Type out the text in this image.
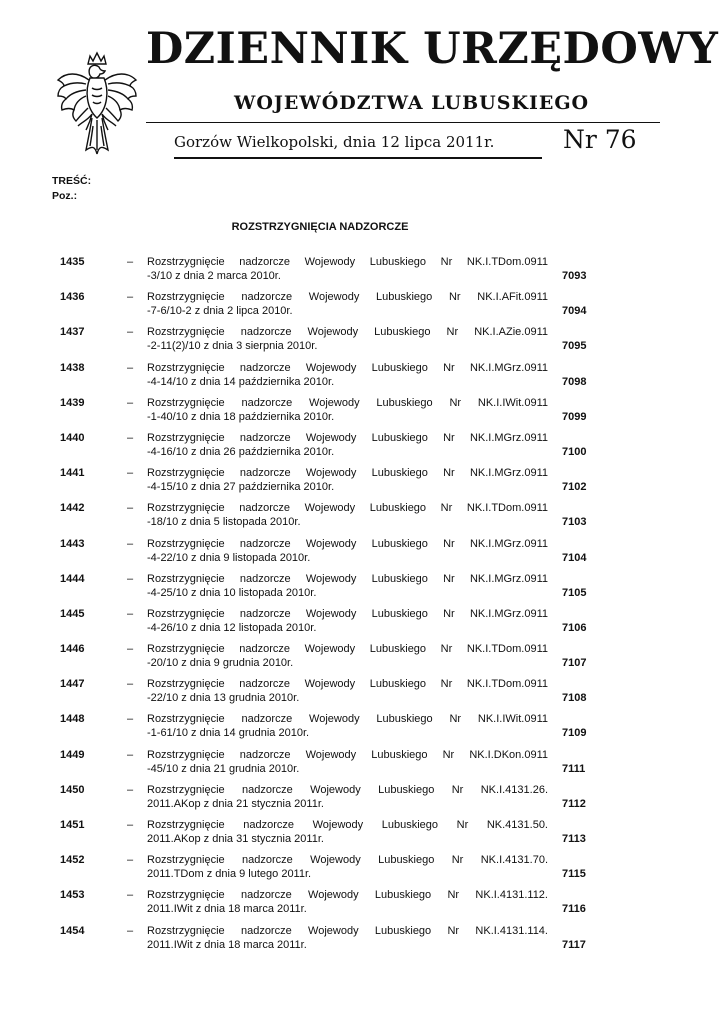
DZIENNIK URZĘDOWY
WOJEWÓDZTWA LUBUSKIEGO
Gorzów Wielkopolski, dnia 12 lipca 2011r.	Nr 76
TREŚĆ:
Poz.:
ROZSTRZYGNIĘCIA NADZORCZE
1435	– Rozstrzygnięcie nadzorcze Wojewody Lubuskiego Nr NK.I.TDom.0911
-3/10 z dnia 2 marca 2010r.	7093
1436	– Rozstrzygnięcie nadzorcze Wojewody Lubuskiego Nr NK.I.AFit.0911
-7-6/10-2 z dnia 2 lipca 2010r.	7094
1437	– Rozstrzygnięcie nadzorcze Wojewody Lubuskiego Nr NK.I.AZie.0911
-2-11(2)/10 z dnia 3 sierpnia 2010r.	7095
1438	– Rozstrzygnięcie nadzorcze Wojewody Lubuskiego Nr NK.I.MGrz.0911
-4-14/10 z dnia 14 października 2010r.	7098
1439	– Rozstrzygnięcie nadzorcze Wojewody Lubuskiego Nr NK.I.IWit.0911
-1-40/10 z dnia 18 października 2010r.	7099
1440	– Rozstrzygnięcie nadzorcze Wojewody Lubuskiego Nr NK.I.MGrz.0911
-4-16/10 z dnia 26 października 2010r.	7100
1441	– Rozstrzygnięcie nadzorcze Wojewody Lubuskiego Nr NK.I.MGrz.0911
-4-15/10 z dnia 27 października 2010r.	7102
1442	– Rozstrzygnięcie nadzorcze Wojewody Lubuskiego Nr NK.I.TDom.0911
-18/10 z dnia 5 listopada 2010r.	7103
1443	– Rozstrzygnięcie nadzorcze Wojewody Lubuskiego Nr NK.I.MGrz.0911
-4-22/10 z dnia 9 listopada 2010r.	7104
1444	– Rozstrzygnięcie nadzorcze Wojewody Lubuskiego Nr NK.I.MGrz.0911
-4-25/10 z dnia 10 listopada 2010r.	7105
1445	– Rozstrzygnięcie nadzorcze Wojewody Lubuskiego Nr NK.I.MGrz.0911
-4-26/10 z dnia 12 listopada 2010r.	7106
1446	– Rozstrzygnięcie nadzorcze Wojewody Lubuskiego Nr NK.I.TDom.0911
-20/10 z dnia 9 grudnia 2010r.	7107
1447	– Rozstrzygnięcie nadzorcze Wojewody Lubuskiego Nr NK.I.TDom.0911
-22/10 z dnia 13 grudnia 2010r.	7108
1448	– Rozstrzygnięcie nadzorcze Wojewody Lubuskiego Nr NK.I.IWit.0911
-1-61/10 z dnia 14 grudnia 2010r.	7109
1449	– Rozstrzygnięcie nadzorcze Wojewody Lubuskiego Nr NK.I.DKon.0911
-45/10 z dnia 21 grudnia 2010r.	7111
1450	– Rozstrzygnięcie nadzorcze Wojewody Lubuskiego Nr NK.I.4131.26.
2011.AKop z dnia 21 stycznia 2011r.	7112
1451	– Rozstrzygnięcie nadzorcze Wojewody Lubuskiego Nr NK.4131.50.
2011.AKop z dnia 31 stycznia 2011r.	7113
1452	– Rozstrzygnięcie nadzorcze Wojewody Lubuskiego Nr NK.I.4131.70.
2011.TDom z dnia 9 lutego 2011r.	7115
1453	– Rozstrzygnięcie nadzorcze Wojewody Lubuskiego Nr NK.I.4131.112.
2011.IWit z dnia 18 marca 2011r.	7116
1454	– Rozstrzygnięcie nadzorcze Wojewody Lubuskiego Nr NK.I.4131.114.
2011.IWit z dnia 18 marca 2011r.	7117
